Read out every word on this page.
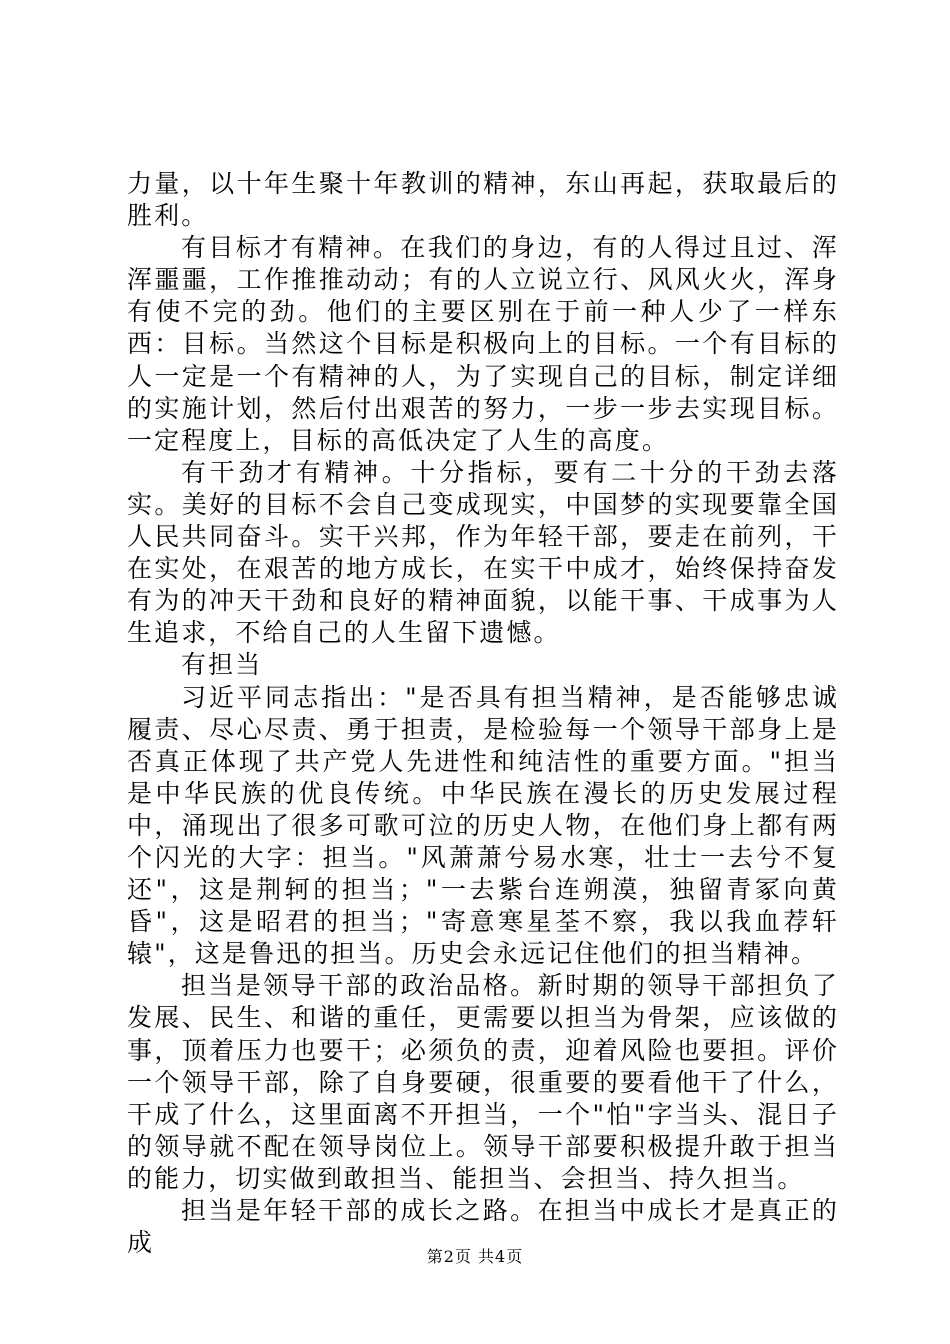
力量，以十年生聚十年教训的精神，东山再起，获取最后的胜利。

有目标才有精神。在我们的身边，有的人得过且过、浑浑噩噩，工作推推动动；有的人立说立行、风风火火，浑身有使不完的劲。他们的主要区别在于前一种人少了一样东西：目标。当然这个目标是积极向上的目标。一个有目标的人一定是一个有精神的人，为了实现自己的目标，制定详细的实施计划，然后付出艰苦的努力，一步一步去实现目标。一定程度上，目标的高低决定了人生的高度。

有干劲才有精神。十分指标，要有二十分的干劲去落实。美好的目标不会自己变成现实，中国梦的实现要靠全国人民共同奋斗。实干兴邦，作为年轻干部，要走在前列，干在实处，在艰苦的地方成长，在实干中成才，始终保持奋发有为的冲天干劲和良好的精神面貌，以能干事、干成事为人生追求，不给自己的人生留下遗憾。

有担当

习近平同志指出："是否具有担当精神，是否能够忠诚履责、尽心尽责、勇于担责，是检验每一个领导干部身上是否真正体现了共产党人先进性和纯洁性的重要方面。"担当是中华民族的优良传统。中华民族在漫长的历史发展过程中，涌现出了很多可歌可泣的历史人物，在他们身上都有两个闪光的大字：担当。"风萧萧兮易水寒，壮士一去兮不复还"，这是荆轲的担当；"一去紫台连朔漠，独留青冢向黄昏"，这是昭君的担当；"寄意寒星荃不察，我以我血荐轩辕"，这是鲁迅的担当。历史会永远记住他们的担当精神。

担当是领导干部的政治品格。新时期的领导干部担负了发展、民生、和谐的重任，更需要以担当为骨架，应该做的事，顶着压力也要干；必须负的责，迎着风险也要担。评价一个领导干部，除了自身要硬，很重要的要看他干了什么，干成了什么，这里面离不开担当，一个"怕"字当头、混日子的领导就不配在领导岗位上。领导干部要积极提升敢于担当的能力，切实做到敢担当、能担当、会担当、持久担当。

担当是年轻干部的成长之路。在担当中成长才是真正的成	第2页 共4页
